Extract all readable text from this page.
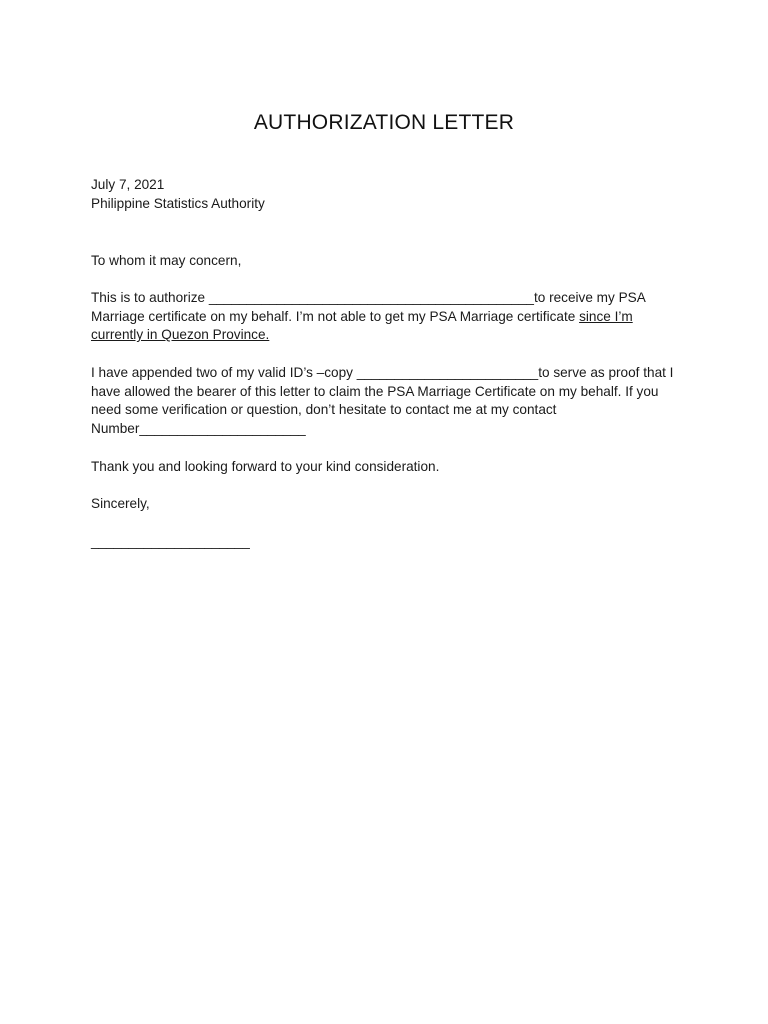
AUTHORIZATION LETTER
July 7, 2021
Philippine Statistics Authority
To whom it may concern,
This is to authorize ___________________________________________to receive my PSA
Marriage certificate on my behalf. I’m not able to get my PSA Marriage certificate since I’m
currently in Quezon Province.
I have appended two of my valid ID’s –copy ________________________to serve as proof that I
have allowed the bearer of this letter to claim the PSA Marriage Certificate on my behalf. If you
need some verification or question, don’t hesitate to contact me at my contact
Number______________________
Thank you and looking forward to your kind consideration.
Sincerely,
_____________________
